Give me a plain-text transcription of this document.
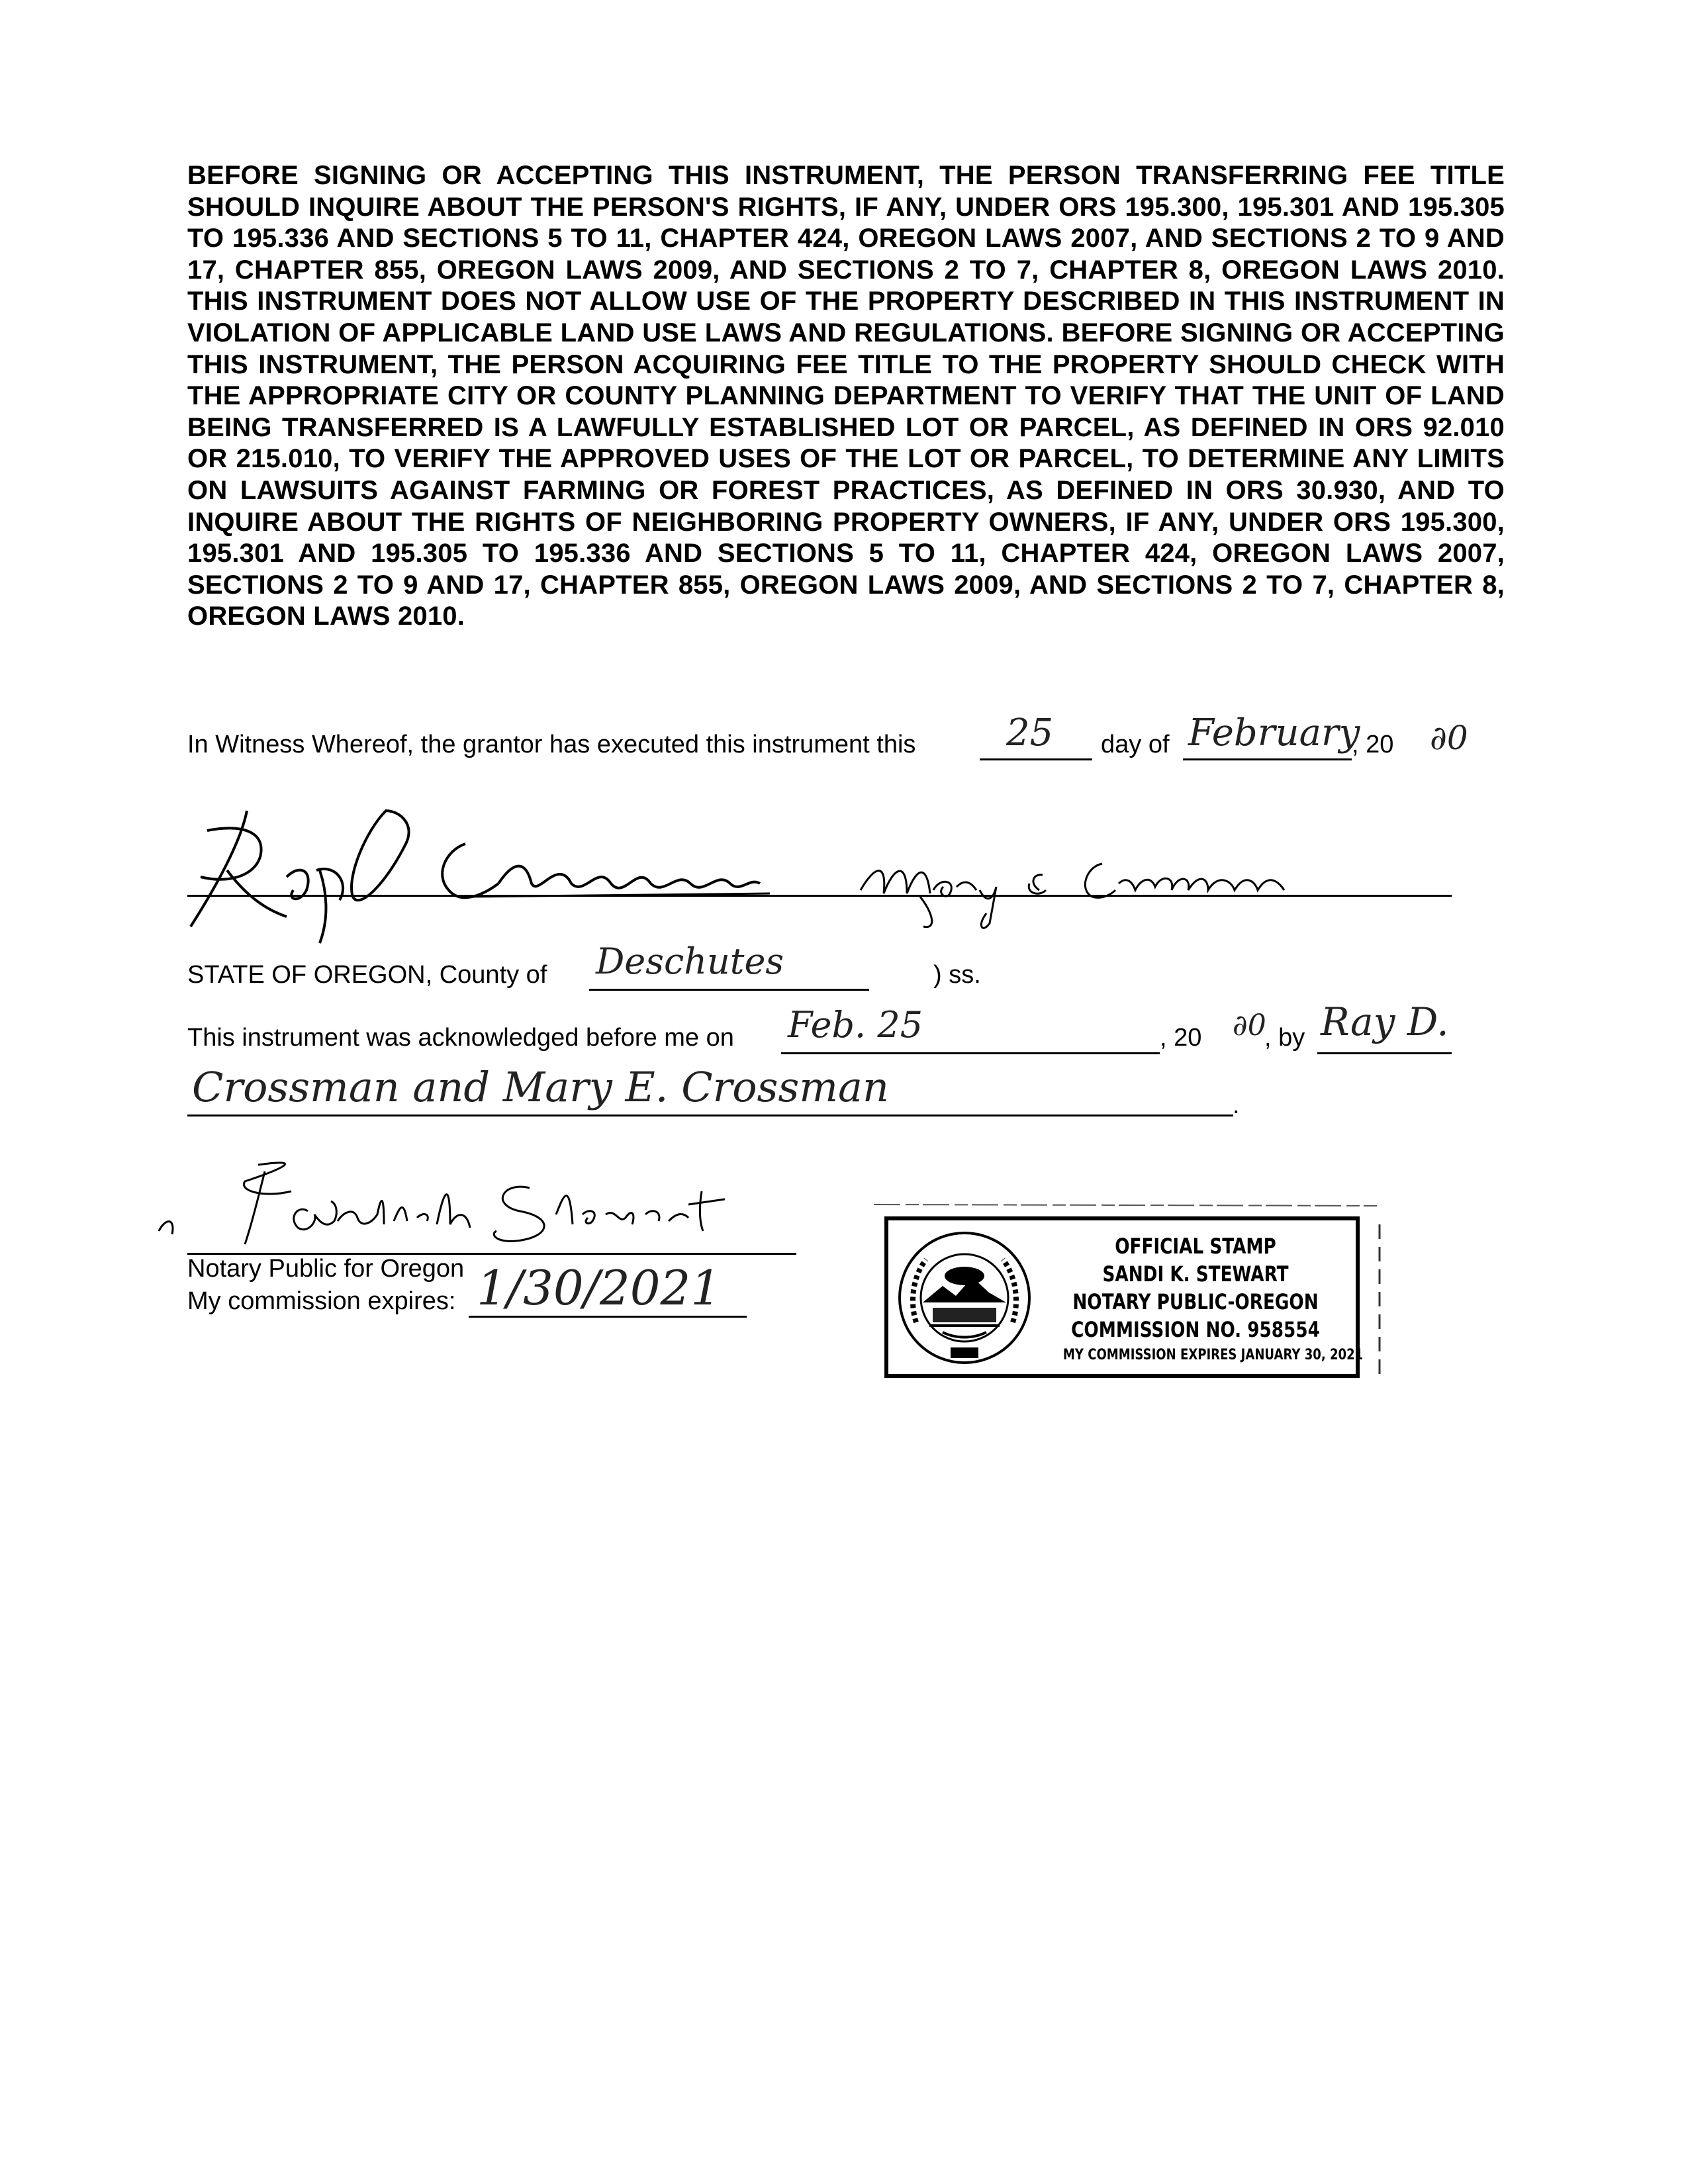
BEFORE SIGNING OR ACCEPTING THIS INSTRUMENT, THE PERSON TRANSFERRING FEE TITLE SHOULD INQUIRE ABOUT THE PERSON'S RIGHTS, IF ANY, UNDER ORS 195.300, 195.301 AND 195.305 TO 195.336 AND SECTIONS 5 TO 11, CHAPTER 424, OREGON LAWS 2007, AND SECTIONS 2 TO 9 AND 17, CHAPTER 855, OREGON LAWS 2009, AND SECTIONS 2 TO 7, CHAPTER 8, OREGON LAWS 2010. THIS INSTRUMENT DOES NOT ALLOW USE OF THE PROPERTY DESCRIBED IN THIS INSTRUMENT IN VIOLATION OF APPLICABLE LAND USE LAWS AND REGULATIONS. BEFORE SIGNING OR ACCEPTING THIS INSTRUMENT, THE PERSON ACQUIRING FEE TITLE TO THE PROPERTY SHOULD CHECK WITH THE APPROPRIATE CITY OR COUNTY PLANNING DEPARTMENT TO VERIFY THAT THE UNIT OF LAND BEING TRANSFERRED IS A LAWFULLY ESTABLISHED LOT OR PARCEL, AS DEFINED IN ORS 92.010 OR 215.010, TO VERIFY THE APPROVED USES OF THE LOT OR PARCEL, TO DETERMINE ANY LIMITS ON LAWSUITS AGAINST FARMING OR FOREST PRACTICES, AS DEFINED IN ORS 30.930, AND TO INQUIRE ABOUT THE RIGHTS OF NEIGHBORING PROPERTY OWNERS, IF ANY, UNDER ORS 195.300, 195.301 AND 195.305 TO 195.336 AND SECTIONS 5 TO 11, CHAPTER 424, OREGON LAWS 2007, SECTIONS 2 TO 9 AND 17, CHAPTER 855, OREGON LAWS 2009, AND SECTIONS 2 TO 7, CHAPTER 8, OREGON LAWS 2010.

In Witness Whereof, the grantor has executed this instrument this 25 day of February
, 20 ∂0
STATE OF OREGON, County of Deschutes	) ss.
This instrument was acknowledged before me on Feb. 25	, 20 ∂0
, by Ray D.
Crossman and Mary E. Crossman	.
Notary Public for Oregon
My commission expires: 1/30/2021
OFFICIAL STAMP
SANDI K. STEWART
NOTARY PUBLIC-OREGON
COMMISSION NO. 958554
MY COMMISSION EXPIRES JANUARY 30, 2021
